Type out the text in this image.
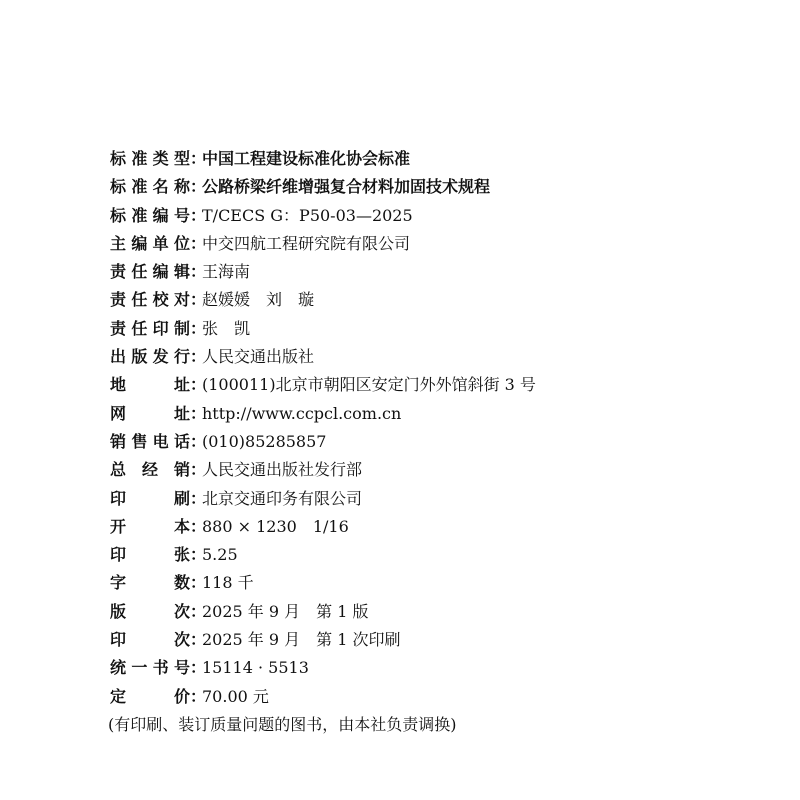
标准类型 ：
中国工程建设标准化协会标准
标准名称 ：
公路桥梁纤维增强复合材料加固技术规程
标准编号 ：
T/CECS G：P50-03—2025
主编单位 ：
中交四航工程研究院有限公司
责任编辑 ：
王海南
责任校对 ：
赵媛媛　刘　璇
责任印制 ：
张　凯
出版发行 ：
人民交通出版社
地址 ：
(100011)北京市朝阳区安定门外外馆斜街 3 号
网址 ：
http://www.ccpcl.com.cn
销售电话 ：
(010)85285857
总经销 ：
人民交通出版社发行部
印刷 ：
北京交通印务有限公司
开本 ：
880 × 1230　1/16
印张 ：
5.25
字数 ：
118 千
版次 ：
2025 年 9 月　第 1 版
印次 ：
2025 年 9 月　第 1 次印刷
统一书号 ：
15114 · 5513
定价 ：
70.00 元
(有印刷、装订质量问题的图书，由本社负责调换)
